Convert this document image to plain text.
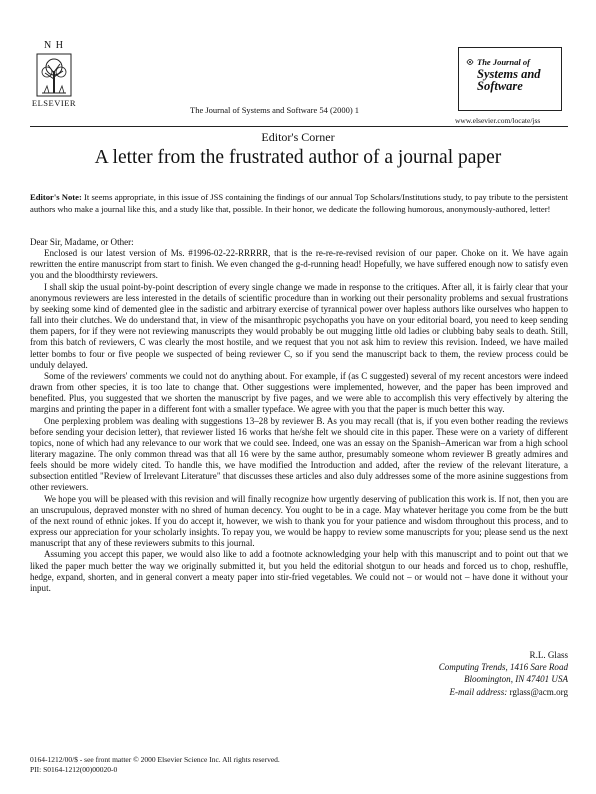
N H
ELSEVIER
The Journal of Systems and Software 54 (2000) 1
The Journal of
Systems and
Software
www.elsevier.com/locate/jss
Editor's Corner
A letter from the frustrated author of a journal paper
Editor's Note: It seems appropriate, in this issue of JSS containing the findings of our annual Top Scholars/Institutions study, to pay tribute to the persistent authors who make a journal like this, and a study like that, possible. In their honor, we dedicate the following humorous, anonymously-authored, letter!

Dear Sir, Madame, or Other:

Enclosed is our latest version of Ms. #1996-02-22-RRRRR, that is the re-re-re-revised revision of our paper. Choke on it. We have again rewritten the entire manuscript from start to finish. We even changed the g-d-running head! Hopefully, we have suffered enough now to satisfy even you and the bloodthirsty reviewers.

I shall skip the usual point-by-point description of every single change we made in response to the critiques. After all, it is fairly clear that your anonymous reviewers are less interested in the details of scientific procedure than in working out their personality problems and sexual frustrations by seeking some kind of demented glee in the sadistic and arbitrary exercise of tyrannical power over hapless authors like ourselves who happen to fall into their clutches. We do understand that, in view of the misanthropic psychopaths you have on your editorial board, you need to keep sending them papers, for if they were not reviewing manuscripts they would probably be out mugging little old ladies or clubbing baby seals to death. Still, from this batch of reviewers, C was clearly the most hostile, and we request that you not ask him to review this revision. Indeed, we have mailed letter bombs to four or five people we suspected of being reviewer C, so if you send the manuscript back to them, the review process could be unduly delayed.

Some of the reviewers' comments we could not do anything about. For example, if (as C suggested) several of my recent ancestors were indeed drawn from other species, it is too late to change that. Other suggestions were implemented, however, and the paper has been improved and benefited. Plus, you suggested that we shorten the manuscript by five pages, and we were able to accomplish this very effectively by altering the margins and printing the paper in a different font with a smaller typeface. We agree with you that the paper is much better this way.

One perplexing problem was dealing with suggestions 13–28 by reviewer B. As you may recall (that is, if you even bother reading the reviews before sending your decision letter), that reviewer listed 16 works that he/she felt we should cite in this paper. These were on a variety of different topics, none of which had any relevance to our work that we could see. Indeed, one was an essay on the Spanish–American war from a high school literary magazine. The only common thread was that all 16 were by the same author, presumably someone whom reviewer B greatly admires and feels should be more widely cited. To handle this, we have modified the Introduction and added, after the review of the relevant literature, a subsection entitled "Review of Irrelevant Literature" that discusses these articles and also duly addresses some of the more asinine suggestions from other reviewers.

We hope you will be pleased with this revision and will finally recognize how urgently deserving of publication this work is. If not, then you are an unscrupulous, depraved monster with no shred of human decency. You ought to be in a cage. May whatever heritage you come from be the butt of the next round of ethnic jokes. If you do accept it, however, we wish to thank you for your patience and wisdom throughout this process, and to express our appreciation for your scholarly insights. To repay you, we would be happy to review some manuscripts for you; please send us the next manuscript that any of these reviewers submits to this journal.

Assuming you accept this paper, we would also like to add a footnote acknowledging your help with this manuscript and to point out that we liked the paper much better the way we originally submitted it, but you held the editorial shotgun to our heads and forced us to chop, reshuffle, hedge, expand, shorten, and in general convert a meaty paper into stir-fried vegetables. We could not – or would not – have done it without your input.

R.L. Glass
Computing Trends, 1416 Sare Road
Bloomington, IN 47401 USA
E-mail address: rglass@acm.org
0164-1212/00/$ - see front matter © 2000 Elsevier Science Inc. All rights reserved.
PII: S0164-1212(00)00020-0
